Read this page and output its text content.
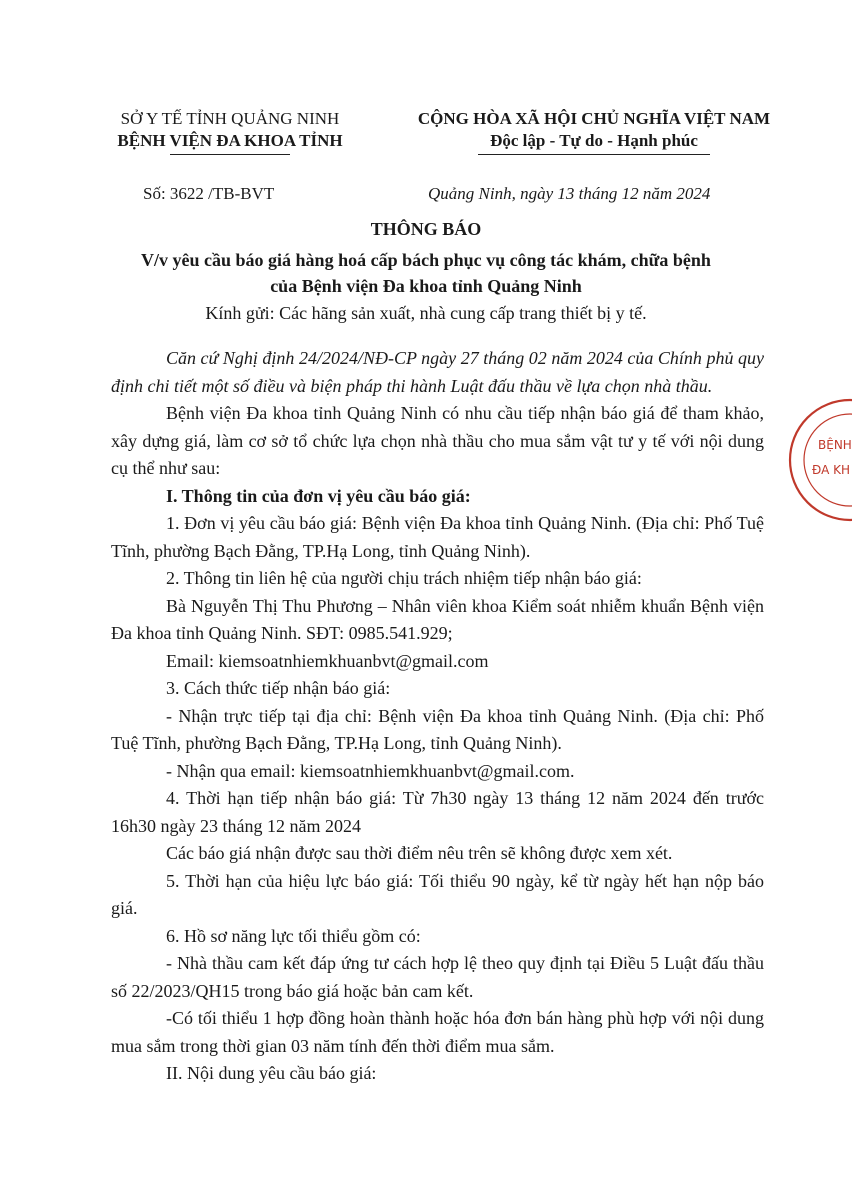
SỞ Y TẾ TỈNH QUẢNG NINH
BỆNH VIỆN ĐA KHOA TỈNH
CỘNG HÒA XÃ HỘI CHỦ NGHĨA VIỆT NAM
Độc lập - Tự do - Hạnh phúc
Số: 3622 /TB-BVT	Quảng Ninh, ngày 13 tháng 12 năm 2024
THÔNG BÁO
V/v yêu cầu báo giá hàng hoá cấp bách phục vụ công tác khám, chữa bệnh
của Bệnh viện Đa khoa tỉnh Quảng Ninh
Kính gửi: Các hãng sản xuất, nhà cung cấp trang thiết bị y tế.

Căn cứ Nghị định 24/2024/NĐ-CP ngày 27 tháng 02 năm 2024 của Chính phủ quy định chi tiết một số điều và biện pháp thi hành Luật đấu thầu về lựa chọn nhà thầu.

Bệnh viện Đa khoa tỉnh Quảng Ninh có nhu cầu tiếp nhận báo giá để tham khảo, xây dựng giá, làm cơ sở tổ chức lựa chọn nhà thầu cho mua sắm vật tư y tế với nội dung cụ thể như sau:

I. Thông tin của đơn vị yêu cầu báo giá:

1. Đơn vị yêu cầu báo giá: Bệnh viện Đa khoa tỉnh Quảng Ninh. (Địa chỉ: Phố Tuệ Tĩnh, phường Bạch Đằng, TP.Hạ Long, tỉnh Quảng Ninh).

2. Thông tin liên hệ của người chịu trách nhiệm tiếp nhận báo giá:

Bà Nguyễn Thị Thu Phương – Nhân viên khoa Kiểm soát nhiễm khuẩn Bệnh viện Đa khoa tỉnh Quảng Ninh. SĐT: 0985.541.929;

Email: kiemsoatnhiemkhuanbvt@gmail.com

3. Cách thức tiếp nhận báo giá:

- Nhận trực tiếp tại địa chỉ: Bệnh viện Đa khoa tỉnh Quảng Ninh. (Địa chỉ: Phố Tuệ Tĩnh, phường Bạch Đằng, TP.Hạ Long, tỉnh Quảng Ninh).

- Nhận qua email: kiemsoatnhiemkhuanbvt@gmail.com.

4. Thời hạn tiếp nhận báo giá: Từ 7h30 ngày 13 tháng 12 năm 2024 đến trước 16h30 ngày 23 tháng 12 năm 2024

Các báo giá nhận được sau thời điểm nêu trên sẽ không được xem xét.

5. Thời hạn của hiệu lực báo giá: Tối thiểu 90 ngày, kể từ ngày hết hạn nộp báo giá.

6. Hồ sơ năng lực tối thiểu gồm có:

- Nhà thầu cam kết đáp ứng tư cách hợp lệ theo quy định tại Điều 5 Luật đấu thầu số 22/2023/QH15 trong báo giá hoặc bản cam kết.

-Có tối thiểu 1 hợp đồng hoàn thành hoặc hóa đơn bán hàng phù hợp với nội dung mua sắm trong thời gian 03 năm tính đến thời điểm mua sắm.

II. Nội dung yêu cầu báo giá:

BỆNH
ĐA KH
